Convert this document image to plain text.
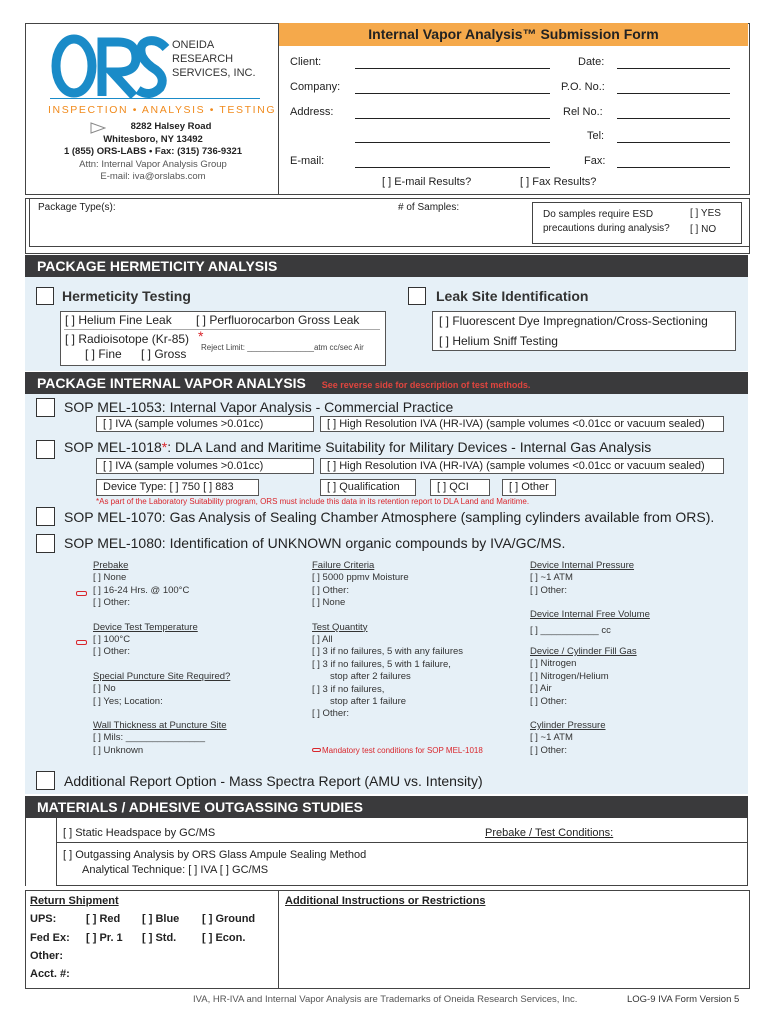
ONEIDA
RESEARCH
SERVICES, INC.
INSPECTION • ANALYSIS • TESTING
8282 Halsey Road
Whitesboro, NY 13492
1 (855) ORS-LABS • Fax: (315) 736-9321
Attn: Internal Vapor Analysis Group
E-mail: iva@orslabs.com
Internal Vapor Analysis™ Submission Form
Client:	Date:
Company:	P.O. No.:
Address:	Rel No.:
Tel:
E-mail:	Fax:
[ ] E-mail Results?	[ ] Fax Results?
Package Type(s):	# of Samples:
Do samples require ESD
precautions during analysis?
[ ] YES
[ ] NO
PACKAGE HERMETICITY ANALYSIS
Hermeticity Testing
[ ] Helium Fine Leak [ ] Perfluorocarbon Gross Leak
[ ] Radioisotope (Kr-85) *
Reject Limit: _______________atm cc/sec Air
[ ] Fine [ ] Gross
Leak Site Identification
[ ] Fluorescent Dye Impregnation/Cross-Sectioning
[ ] Helium Sniff Testing
PACKAGE INTERNAL VAPOR ANALYSIS See reverse side for description of test methods.
SOP MEL-1053: Internal Vapor Analysis - Commercial Practice
[ ] IVA (sample volumes >0.01cc)	[ ] High Resolution IVA (HR-IVA) (sample volumes <0.01cc or vacuum sealed)
SOP MEL-1018*: DLA Land and Maritime Suitability for Military Devices - Internal Gas Analysis
[ ] IVA (sample volumes >0.01cc)	[ ] High Resolution IVA (HR-IVA) (sample volumes <0.01cc or vacuum sealed)
Device Type: [ ] 750 [ ] 883	[ ] Qualification	[ ] QCI	[ ] Other
*As part of the Laboratory Suitability program, ORS must include this data in its retention report to DLA Land and Maritime.
SOP MEL-1070: Gas Analysis of Sealing Chamber Atmosphere (sampling cylinders available from ORS).
SOP MEL-1080: Identification of UNKNOWN organic compounds by IVA/GC/MS.
Prebake
[ ] None
[ ] 16-24 Hrs. @ 100°C
[ ] Other:
Device Test Temperature
[ ] 100°C
[ ] Other:
Special Puncture Site Required?
[ ] No
[ ] Yes; Location:
Wall Thickness at Puncture Site
[ ] Mils: _______________
[ ] Unknown
Failure Criteria
[ ] 5000 ppmv Moisture
[ ] Other:
[ ] None
Test Quantity
[ ] All
[ ] 3 if no failures, 5 with any failures
[ ] 3 if no failures, 5 with 1 failure,
stop after 2 failures
[ ] 3 if no failures,
stop after 1 failure
[ ] Other:
Mandatory test conditions for SOP MEL-1018
Device Internal Pressure
[ ] ~1 ATM
[ ] Other:
Device Internal Free Volume
[ ] ___________ cc
Device / Cylinder Fill Gas
[ ] Nitrogen
[ ] Nitrogen/Helium
[ ] Air
[ ] Other:
Cylinder Pressure
[ ] ~1 ATM
[ ] Other:
Additional Report Option - Mass Spectra Report (AMU vs. Intensity)
MATERIALS / ADHESIVE OUTGASSING STUDIES
[ ] Static Headspace by GC/MS	Prebake / Test Conditions:
[ ] Outgassing Analysis by ORS Glass Ampule Sealing Method
Analytical Technique: [ ] IVA [ ] GC/MS
Return Shipment
UPS:	[ ] Red [ ] Blue [ ] Ground
Fed Ex: [ ] Pr. 1 [ ] Std. [ ] Econ.
Other:
Acct. #:
Additional Instructions or Restrictions
IVA, HR-IVA and Internal Vapor Analysis are Trademarks of Oneida Research Services, Inc.	LOG-9 IVA Form Version 5
